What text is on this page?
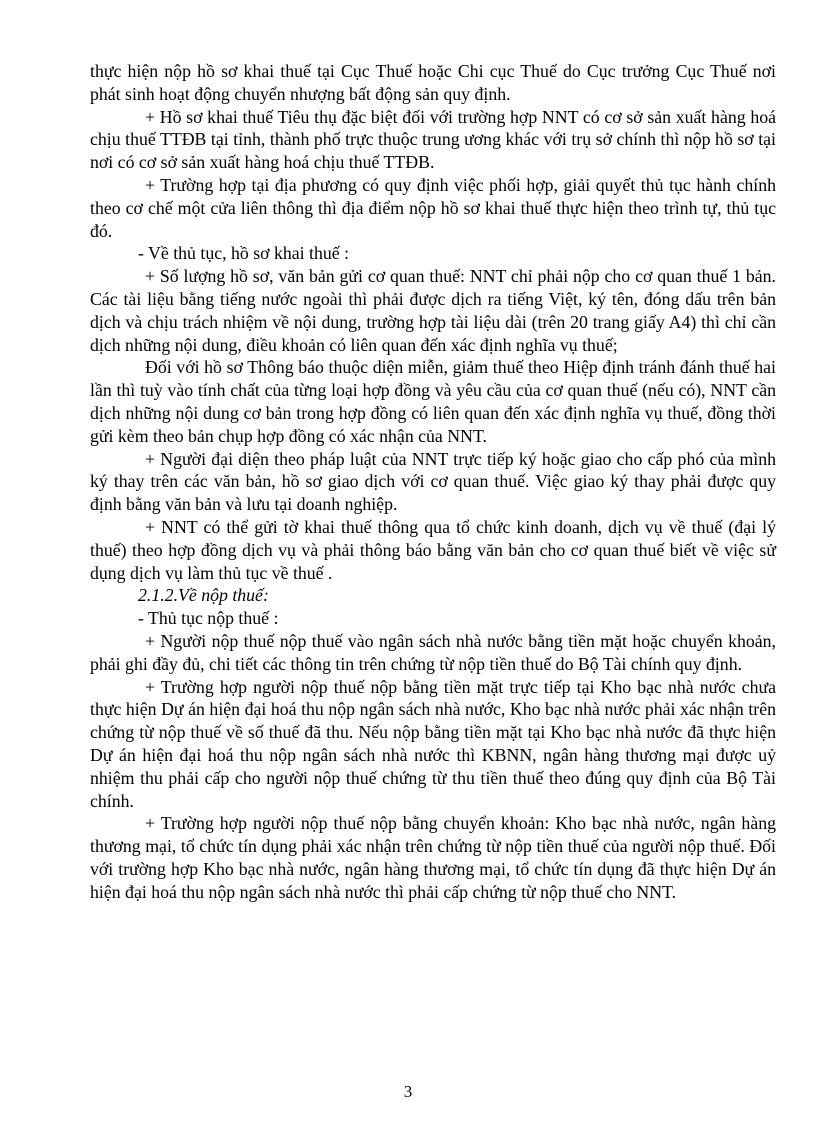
thực hiện nộp hồ sơ khai thuế tại Cục Thuế hoặc Chi cục Thuế do Cục trưởng Cục Thuế nơi phát sinh hoạt động chuyển nhượng bất động sản quy định.

+ Hồ sơ khai thuế Tiêu thụ đặc biệt đối với trường hợp NNT có cơ sở sản xuất hàng hoá chịu thuế TTĐB tại tỉnh, thành phố trực thuộc trung ương khác với trụ sở chính thì nộp hồ sơ tại nơi có cơ sở sản xuất hàng hoá chịu thuế TTĐB.

+ Trường hợp tại địa phương có quy định việc phối hợp, giải quyết thủ tục hành chính theo cơ chế một cửa liên thông thì địa điểm nộp hồ sơ khai thuế thực hiện theo trình tự, thủ tục đó.

- Về thủ tục, hồ sơ khai thuế :

+ Số lượng hồ sơ, văn bản gửi cơ quan thuế: NNT chỉ phải nộp cho cơ quan thuế 1 bản. Các tài liệu bằng tiếng nước ngoài thì phải được dịch ra tiếng Việt, ký tên, đóng dấu trên bản dịch và chịu trách nhiệm về nội dung, trường hợp tài liệu dài (trên 20 trang giấy A4) thì chỉ cần dịch những nội dung, điều khoản có liên quan đến xác định nghĩa vụ thuế;

Đối với hồ sơ Thông báo thuộc diện miễn, giảm thuế theo Hiệp định tránh đánh thuế hai lần thì tuỳ vào tính chất của từng loại hợp đồng và yêu cầu của cơ quan thuế (nếu có), NNT cần dịch những nội dung cơ bản trong hợp đồng có liên quan đến xác định nghĩa vụ thuế, đồng thời gửi kèm theo bản chụp hợp đồng có xác nhận của NNT.

+ Người đại diện theo pháp luật của NNT trực tiếp ký hoặc giao cho cấp phó của mình ký thay trên các văn bản, hồ sơ giao dịch với cơ quan thuế. Việc giao ký thay phải được quy định bằng văn bản và lưu tại doanh nghiệp.

+ NNT có thể gửi tờ khai thuế thông qua tổ chức kinh doanh, dịch vụ về thuế (đại lý thuế) theo hợp đồng dịch vụ và phải thông báo bằng văn bản cho cơ quan thuế biết về việc sử dụng dịch vụ làm thủ tục về thuế .

2.1.2.Về nộp thuế:

- Thủ tục nộp thuế :

+ Người nộp thuế nộp thuế vào ngân sách nhà nước bằng tiền mặt hoặc chuyển khoản, phải ghi đầy đủ, chi tiết các thông tin trên chứng từ nộp tiền thuế do Bộ Tài chính quy định.

+ Trường hợp người nộp thuế nộp bằng tiền mặt trực tiếp tại Kho bạc nhà nước chưa thực hiện Dự án hiện đại hoá thu nộp ngân sách nhà nước, Kho bạc nhà nước phải xác nhận trên chứng từ nộp thuế về số thuế đã thu. Nếu nộp bằng tiền mặt tại Kho bạc nhà nước đã thực hiện Dự án hiện đại hoá thu nộp ngân sách nhà nước thì KBNN, ngân hàng thương mại được uỷ nhiệm thu phải cấp cho người nộp thuế chứng từ thu tiền thuế theo đúng quy định của Bộ Tài chính.

+ Trường hợp người nộp thuế nộp bằng chuyển khoản: Kho bạc nhà nước, ngân hàng thương mại, tổ chức tín dụng phải xác nhận trên chứng từ nộp tiền thuế của người nộp thuế. Đối với trường hợp Kho bạc nhà nước, ngân hàng thương mại, tổ chức tín dụng đã thực hiện Dự án hiện đại hoá thu nộp ngân sách nhà nước thì phải cấp chứng từ nộp thuế cho NNT.

3
